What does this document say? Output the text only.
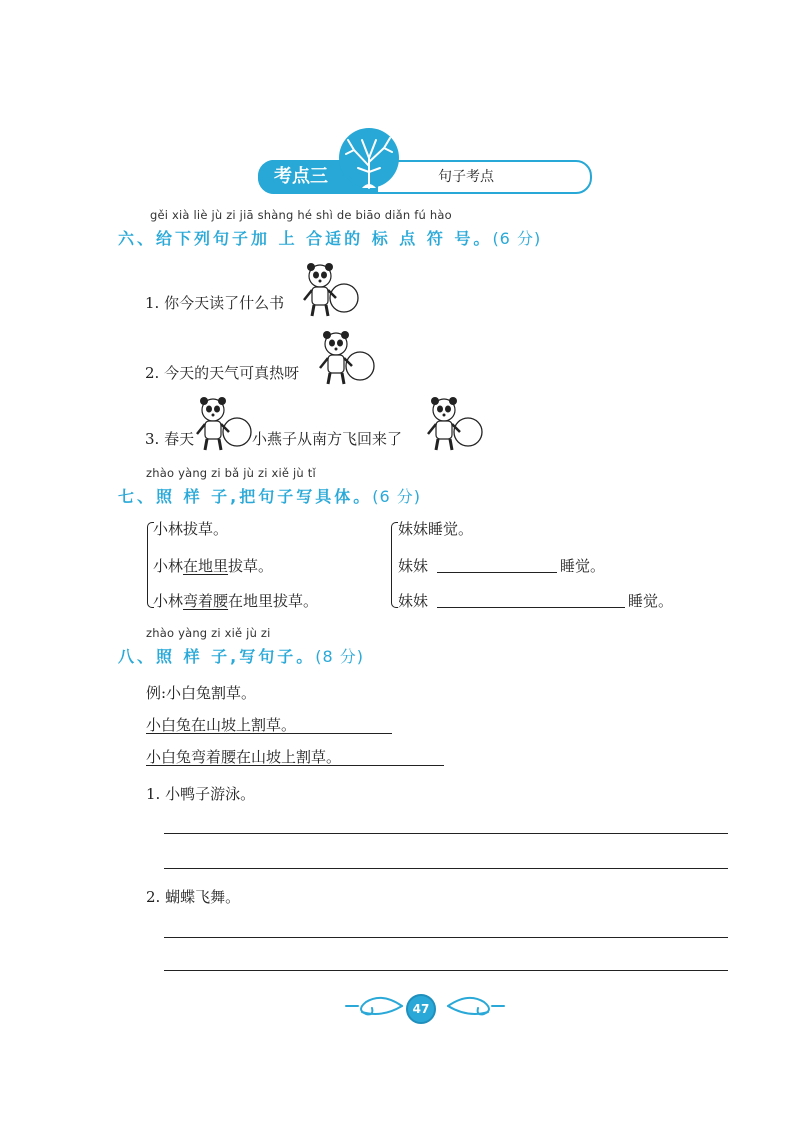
考点三	句子考点
gěi xià liè jù zi jiā shàng hé shì de biāo diǎn fú hào
六、给下列句子加 上 合适的 标 点 符 号。(6 分)
1. 你今天读了什么书
2. 今天的天气可真热呀
3. 春天	小燕子从南方飞回来了
zhào yàng zi bǎ jù zi xiě jù tǐ
七、照 样 子,把句子写具体。(6 分)
小林拔草。
小林在地里拔草。
小林弯着腰在地里拔草。
妹妹睡觉。
妹妹	睡觉。
妹妹	睡觉。
zhào yàng zi xiě jù zi
八、照 样 子,写句子。(8 分)
例:小白兔割草。
小白兔在山坡上割草。
小白兔弯着腰在山坡上割草。
1. 小鸭子游泳。
2. 蝴蝶飞舞。
47
